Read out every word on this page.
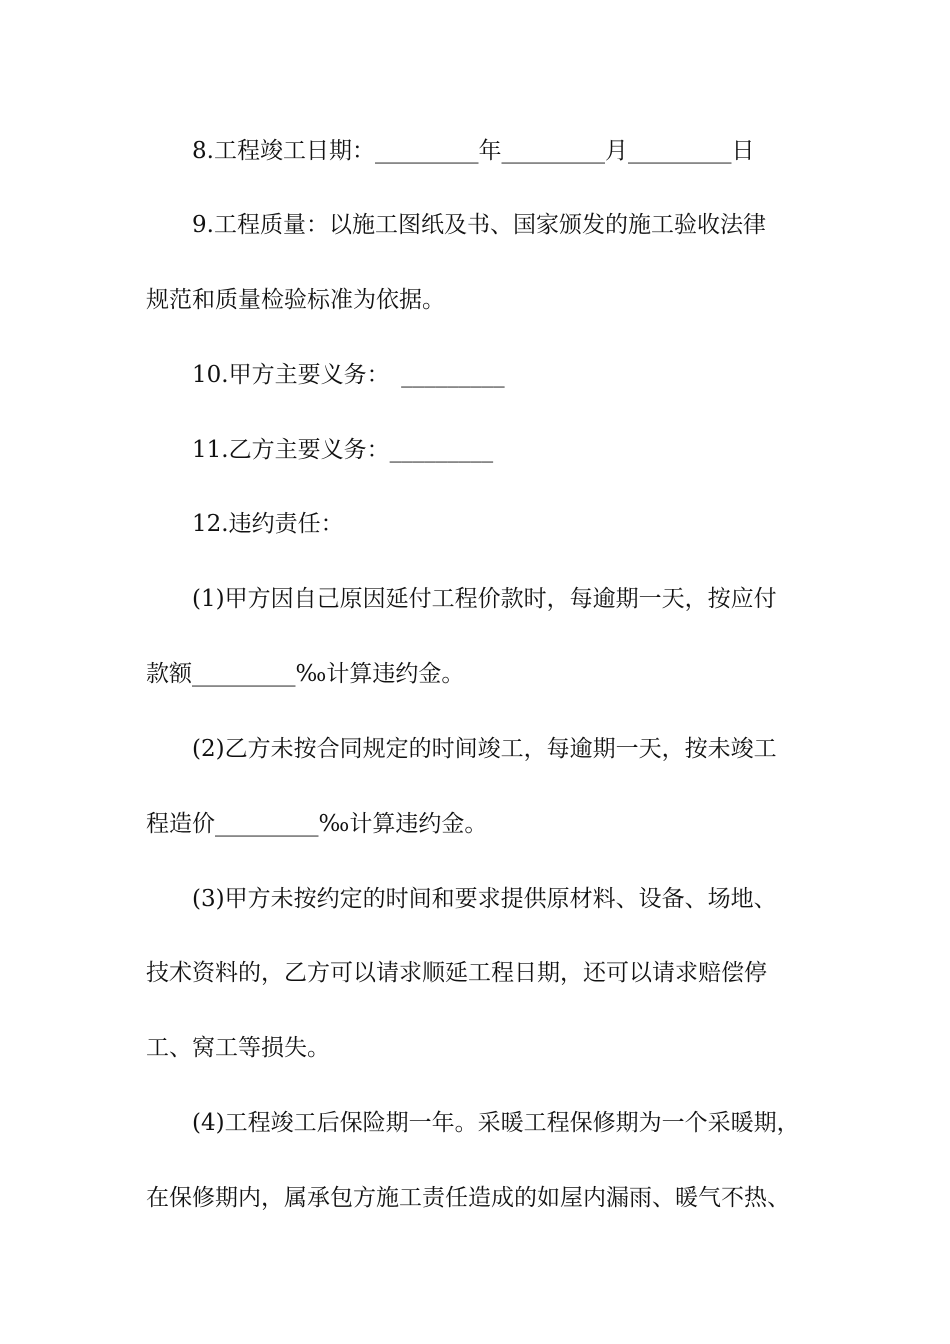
8.工程竣工日期：_________年_________月_________日
9.工程质量：以施工图纸及书、国家颁发的施工验收法律
规范和质量检验标准为依据。
10.甲方主要义务：　_________
11.乙方主要义务：_________
12.违约责任：
(1)甲方因自己原因延付工程价款时，每逾期一天，按应付
款额_________‰计算违约金。
(2)乙方未按合同规定的时间竣工，每逾期一天，按未竣工
程造价_________‰计算违约金。
(3)甲方未按约定的时间和要求提供原材料、设备、场地、
技术资料的，乙方可以请求顺延工程日期，还可以请求赔偿停
工、窝工等损失。
(4)工程竣工后保险期一年。采暖工程保修期为一个采暖期，
在保修期内，属承包方施工责任造成的如屋内漏雨、暖气不热、
